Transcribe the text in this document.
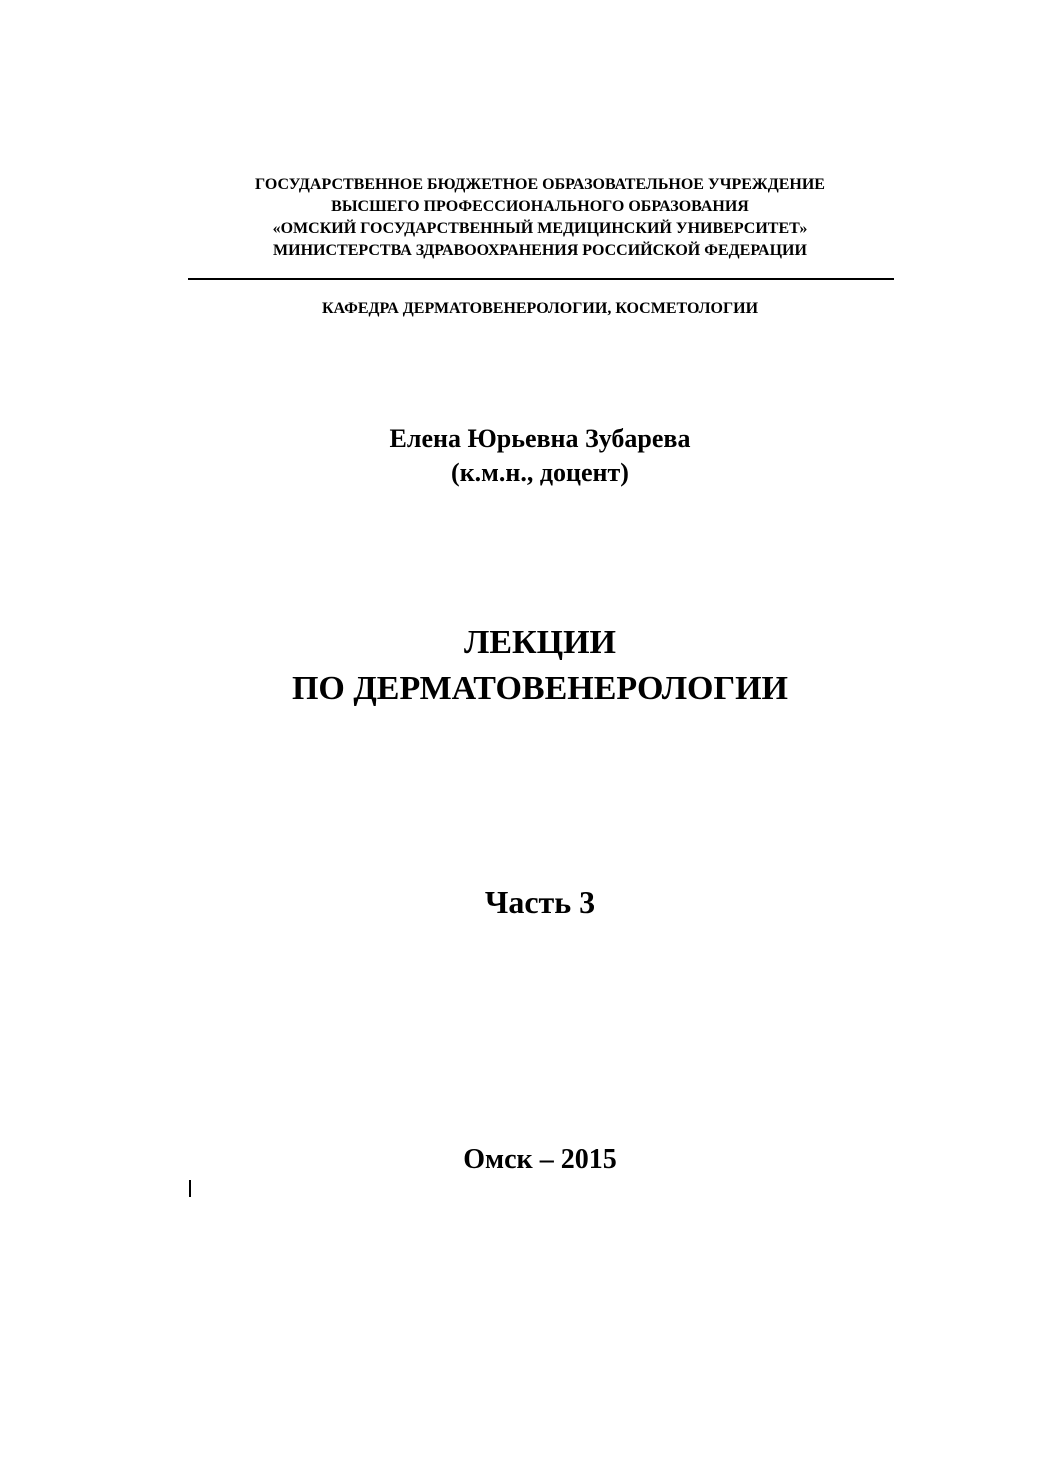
ГОСУДАРСТВЕННОЕ БЮДЖЕТНОЕ ОБРАЗОВАТЕЛЬНОЕ УЧРЕЖДЕНИЕ
ВЫСШЕГО ПРОФЕССИОНАЛЬНОГО ОБРАЗОВАНИЯ
«ОМСКИЙ ГОСУДАРСТВЕННЫЙ МЕДИЦИНСКИЙ УНИВЕРСИТЕТ»
МИНИСТЕРСТВА ЗДРАВООХРАНЕНИЯ РОССИЙСКОЙ ФЕДЕРАЦИИ
КАФЕДРА ДЕРМАТОВЕНЕРОЛОГИИ, КОСМЕТОЛОГИИ
Елена Юрьевна Зубарева
(к.м.н., доцент)
ЛЕКЦИИ
ПО ДЕРМАТОВЕНЕРОЛОГИИ
Часть 3
Омск – 2015
